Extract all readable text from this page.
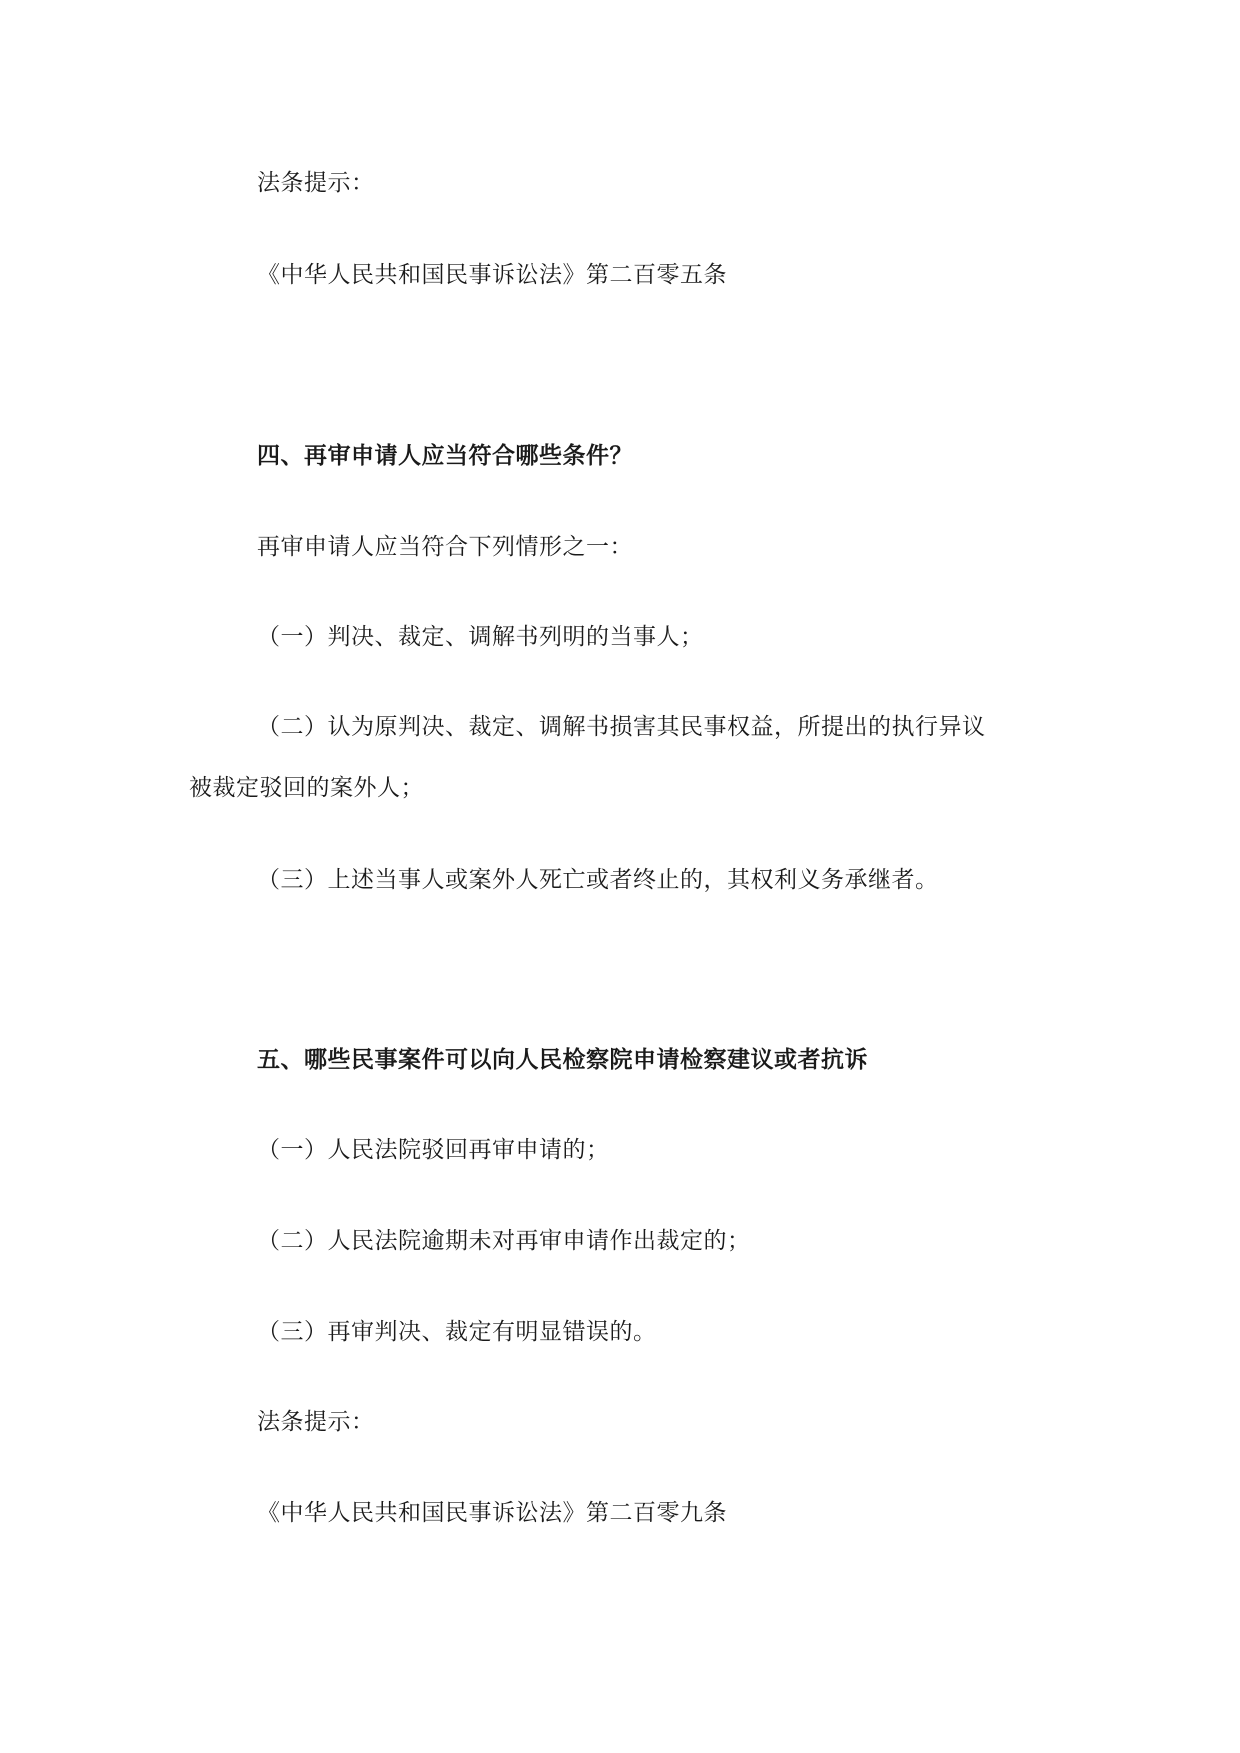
法条提示：
《中华人民共和国民事诉讼法》第二百零五条
四、再审申请人应当符合哪些条件？
再审申请人应当符合下列情形之一：
（一）判决、裁定、调解书列明的当事人；
（二）认为原判决、裁定、调解书损害其民事权益，所提出的执行异议
被裁定驳回的案外人；
（三）上述当事人或案外人死亡或者终止的，其权利义务承继者。
五、哪些民事案件可以向人民检察院申请检察建议或者抗诉
（一）人民法院驳回再审申请的；
（二）人民法院逾期未对再审申请作出裁定的；
（三）再审判决、裁定有明显错误的。
法条提示：
《中华人民共和国民事诉讼法》第二百零九条
